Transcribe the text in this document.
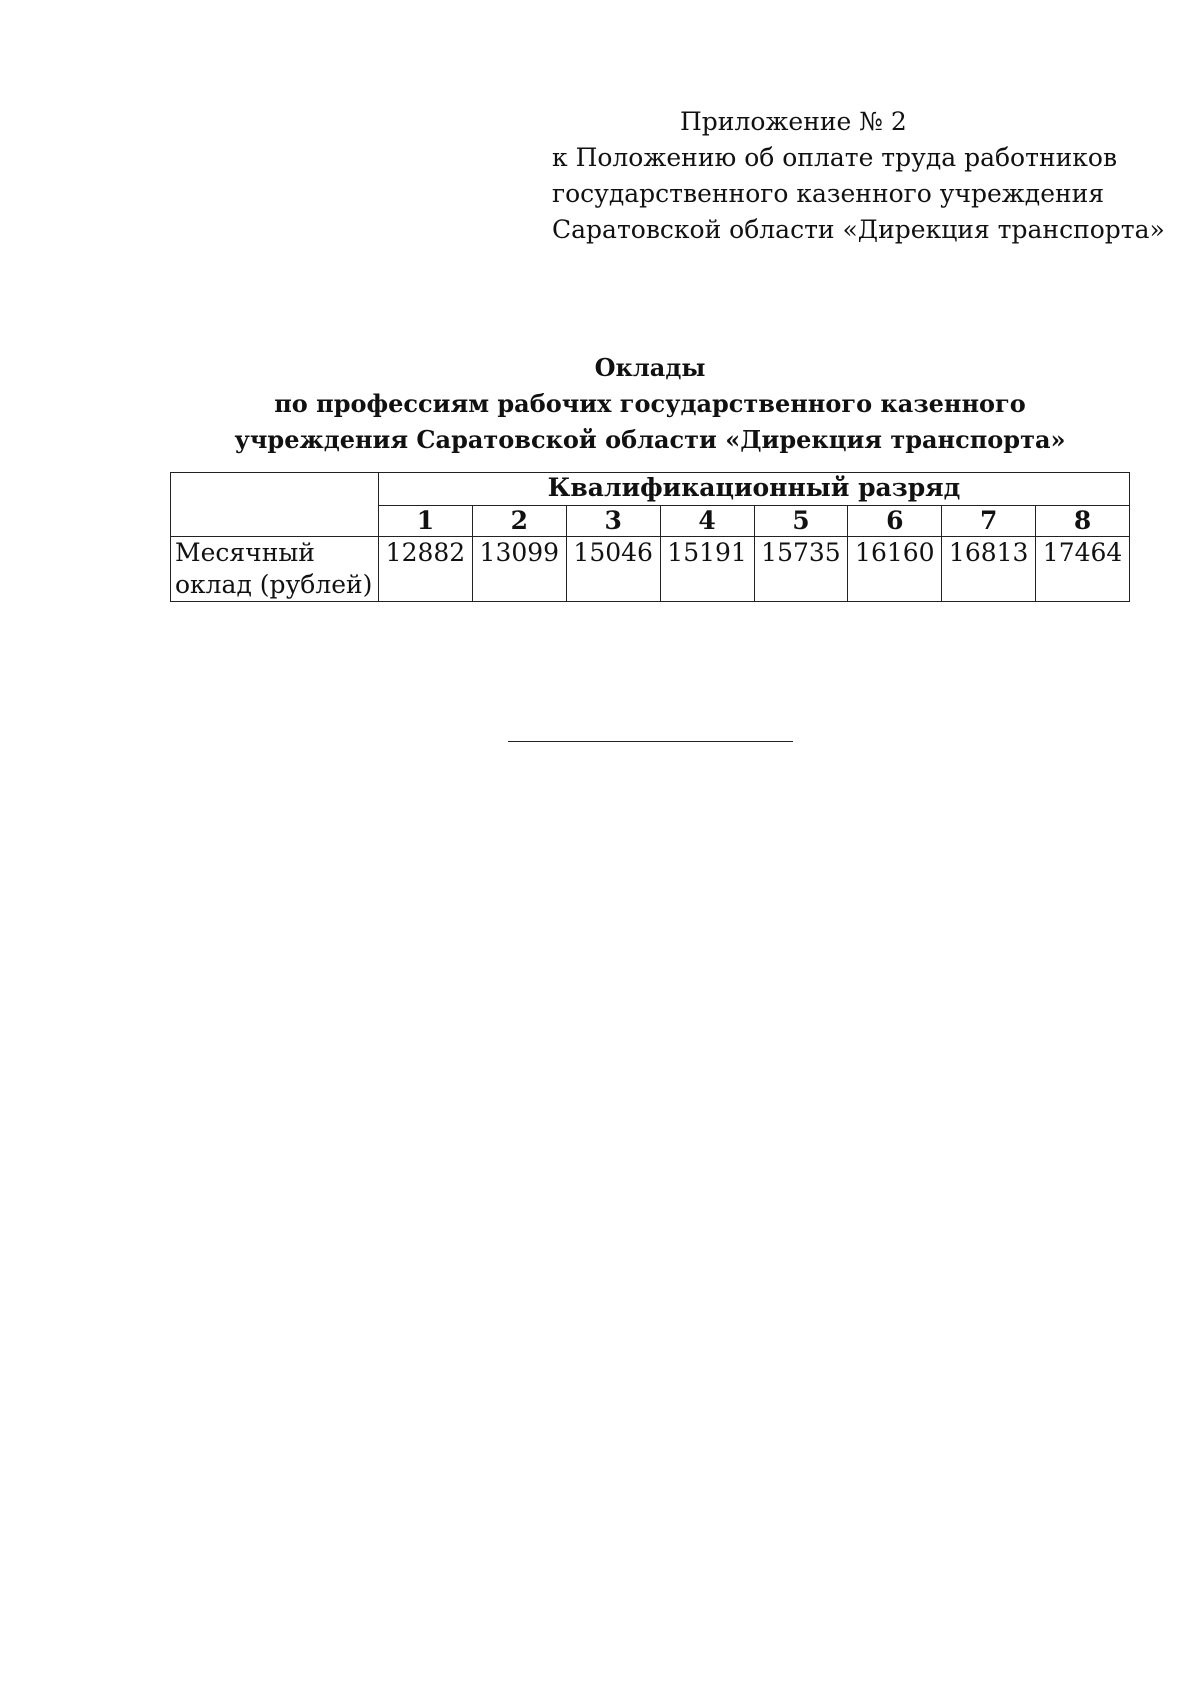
Приложение № 2
к Положению об оплате труда работников
государственного казенного учреждения
Саратовской области «Дирекция транспорта»
Оклады
по профессиям рабочих государственного казенного
учреждения Саратовской области «Дирекция транспорта»
	Квалификационный разряд							
	1	2	3	4	5	6	7	8

Месячный
оклад (рублей)	12882	13099	15046	15191	15735	16160	16813	17464
